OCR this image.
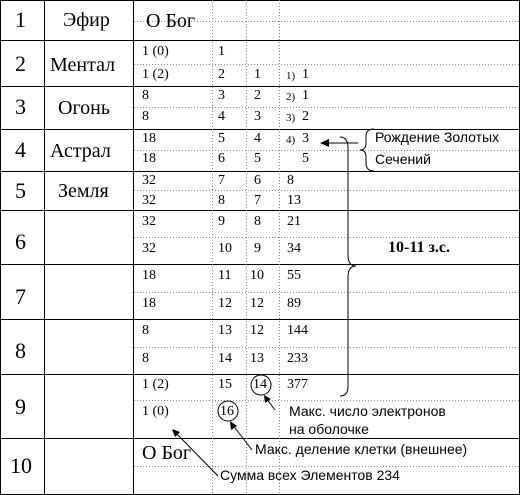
1 Эфир О Бог
2 Ментал
3 Огонь
4 Астрал
5 Земля
6
7
8
9
10
1 (0)
1 (2)
8
8
18
18
32
32
32
32
18
18
8
8
1 (2)
1 (0)
1
2
3
4
5
6
7
8
9
10
11
12
13
14
15
16
1
2
3
4
5
6
7
8
9
10
12
12
13
14
1)
2)
3)
4)
1
1
2
3
5
8
13
21
34
55
89
144
233
377
О Бог
Рождение Золотых
Сечений
10-11 з.с.
Макс. число электронов
на оболочке
Макс. деление клетки (внешнее)
Сумма всех Элементов 234
